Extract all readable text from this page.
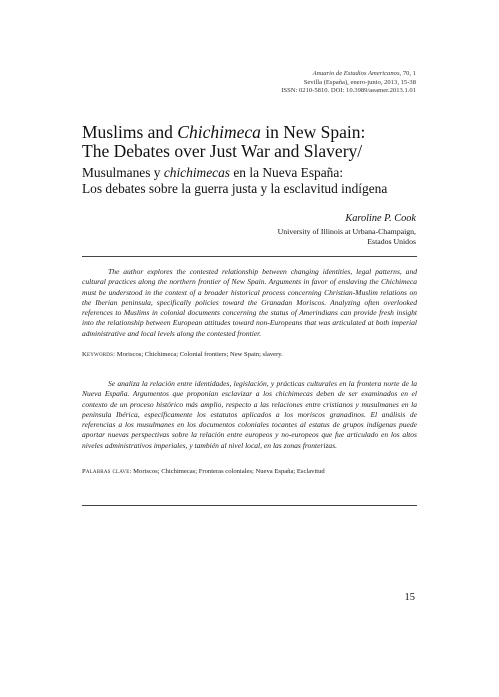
Anuario de Estudios Americanos, 70, 1
Sevilla (España), enero-junio, 2013, 15-38
ISSN: 0210-5810. DOI: 10.3989/aeamer.2013.1.01
Muslims and Chichimeca in New Spain:
The Debates over Just War and Slavery/
Musulmanes y chichimecas en la Nueva España:
Los debates sobre la guerra justa y la esclavitud indígena
Karoline P. Cook
University of Illinois at Urbana-Champaign,
Estados Unidos

The author explores the contested relationship between changing identities, legal patterns, and cultural practices along the northern frontier of New Spain. Arguments in favor of enslaving the Chichimeca must be understood in the context of a broader historical process concerning Christian-Muslim relations on the Iberian peninsula, specifically policies toward the Granadan Moriscos. Analyzing often overlooked references to Muslims in colonial documents concerning the status of Amerindians can provide fresh insight into the relationship between European attitudes toward non-Europeans that was articulated at both imperial administrative and local levels along the contested frontier.

Keywords: Moriscos; Chichimeca; Colonial frontiers; New Spain; slavery.

Se analiza la relación entre identidades, legislación, y prácticas culturales en la frontera norte de la Nueva España. Argumentos que proponían esclavizar a los chichimecas deben de ser examinados en el contexto de un proceso histórico más amplio, respecto a las relaciones entre cristianos y musulmanes en la península Ibérica, específicamente los estatutos aplicados a los moriscos granadinos. El análisis de referencias a los musulmanes en los documentos coloniales tocantes al estatus de grupos indígenas puede aportar nuevas perspectivas sobre la relación entre europeos y no-europeos que fue articulado en los altos niveles administrativos imperiales, y también al nivel local, en las zonas fronterizas.

Palabras clave: Moriscos; Chichimecas; Fronteras coloniales; Nueva España; Esclavitud
15
